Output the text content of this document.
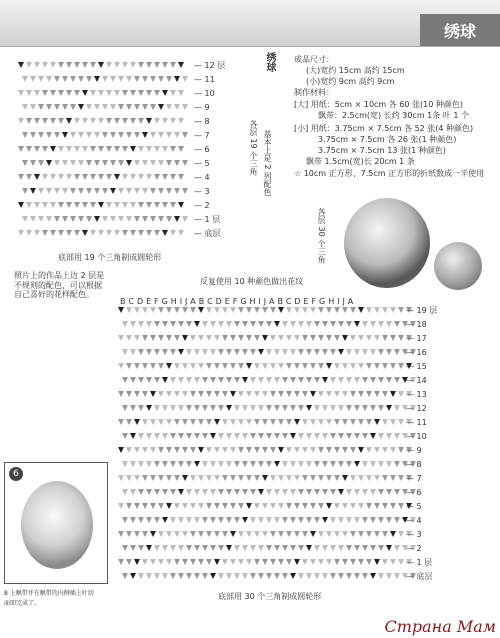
绣球
— 12 层
— 11
— 10
— 9
— 8
— 7
— 6
— 5
— 4
— 3
— 2
— 1 层
— 底层
底部用 19 个三角制成圆轮形
绣球
基本上是 2 列配色
各层 19 个三角
成品尺寸：
(大)宽约 15cm 高约 15cm
(小)宽约 9cm 高约 9cm
制作材料：
[大] 用纸：5cm × 10cm 各 60 张(10 种颜色)
飘带：2.5cm(宽) 长约 30cm 1条 叶 1 个
[小] 用纸：3.75cm × 7.5cm 各 52 张(4 种颜色)
3.75cm × 7.5cm 各 26 张(1 种颜色)
3.75cm × 7.5cm 13 张(1 种颜色)
飘带 1.5cm(宽)长 20cm 1 条
☆ 10cm 正方形、7.5cm 正方形的折纸数成一半使用
各层 30 个三角
反复使用 10 种颜色做出花纹
B C D E F G H I J A B C D E F G H I J A B C D E F G H I J A
— 19 层
— 18
— 17
— 16
— 15
— 14
— 13
— 12
— 11
— 10
— 9
— 8
— 7
— 6
— 5
— 4
— 3
— 2
— 1 层
— 底层
底部用 30 个三角制成圆轮形
照片上的作品上边 2 层是
不规则的配色，可以根据
自己喜好的花样配色。
6
8 上飘带并在飘带的内侧插上叶切
面即完成了。
Страна Мам
